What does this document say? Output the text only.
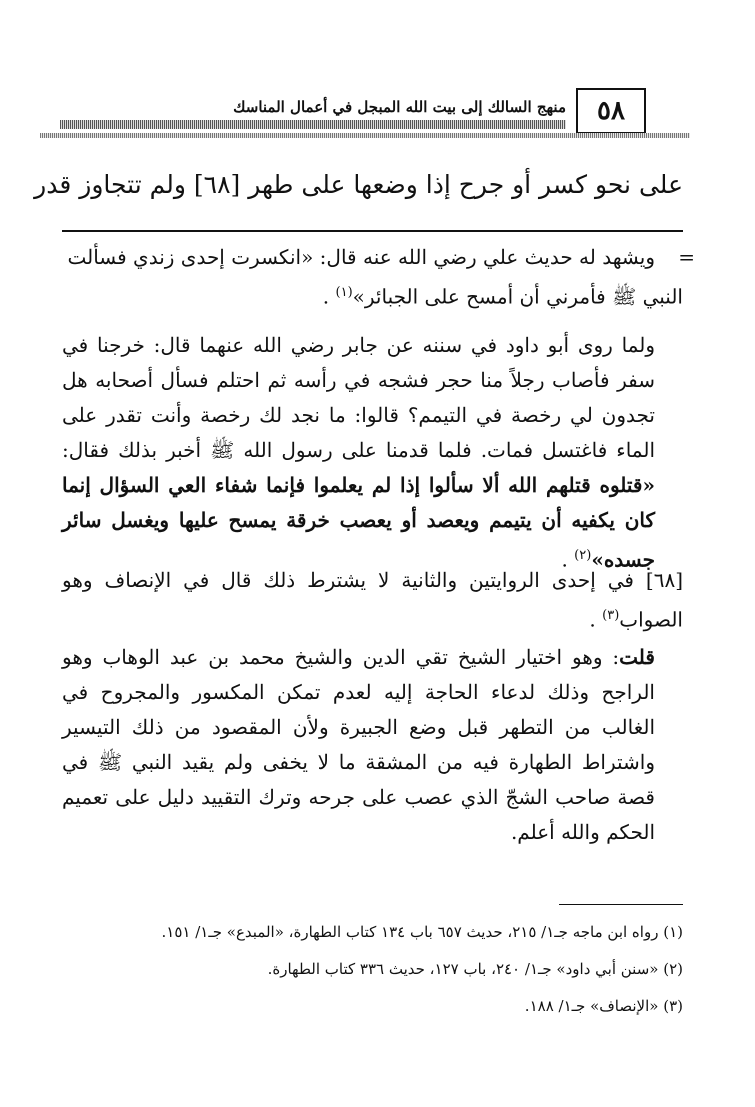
٥٨
منهج السالك إلى بيت الله المبجل في أعمال المناسك
على نحو كسر أو جرح إذا وضعها على طهر [٦٨] ولم تتجاوز قدر
=

ويشهد له حديث علي رضي الله عنه قال: «انكسرت إحدى زندي فسألت

النبي ﷺ فأمرني أن أمسح على الجبائر»$^{(١)}$ .

ولما روى أبو داود في سننه عن جابر رضي الله عنهما قال: خرجنا في سفر فأصاب رجلاً منا حجر فشجه في رأسه ثم احتلم فسأل أصحابه هل تجدون لي رخصة في التيمم؟ قالوا: ما نجد لك رخصة وأنت تقدر على الماء فاغتسل فمات. فلما قدمنا على رسول الله ﷺ أخبر بذلك فقال: «قتلوه قتلهم الله ألا سألوا إذا لم يعلموا فإنما شفاء العي السؤال إنما كان يكفيه أن يتيمم ويعصد أو يعصب خرقة يمسح عليها ويغسل سائر جسده»$^{(٢)}$ .

[٦٨] في إحدى الروايتين والثانية لا يشترط ذلك قال في الإنصاف وهو الصواب$^{(٣)}$ .

قلت: وهو اختيار الشيخ تقي الدين والشيخ محمد بن عبد الوهاب وهو الراجح وذلك لدعاء الحاجة إليه لعدم تمكن المكسور والمجروح في الغالب من التطهر قبل وضع الجبيرة ولأن المقصود من ذلك التيسير واشتراط الطهارة فيه من المشقة ما لا يخفى ولم يقيد النبي ﷺ في قصة صاحب الشجّ الذي عصب على جرحه وترك التقييد دليل على تعميم الحكم والله أعلم.

(١) رواه ابن ماجه جـ١/ ٢١٥، حديث ٦٥٧ باب ١٣٤ كتاب الطهارة، «المبدع» جـ١/ ١٥١.

(٢) «سنن أبي داود» جـ١/ ٢٤٠، باب ١٢٧، حديث ٣٣٦ كتاب الطهارة.

(٣) «الإنصاف» جـ١/ ١٨٨.
